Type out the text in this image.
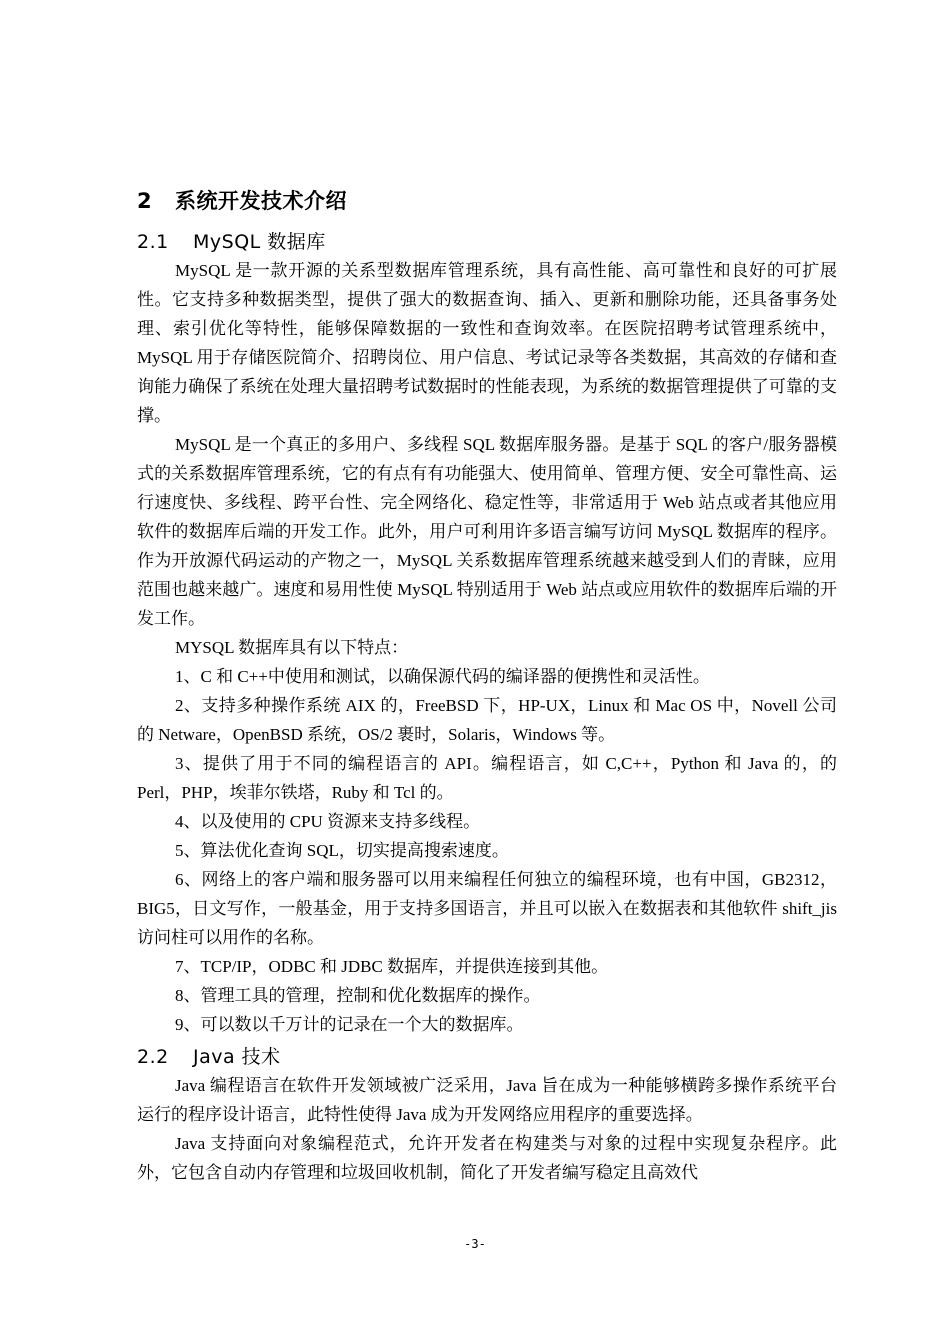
2 系统开发技术介绍
2.1 MySQL 数据库

MySQL 是一款开源的关系型数据库管理系统，具有高性能、高可靠性和良好的可扩展性。它支持多种数据类型，提供了强大的数据查询、插入、更新和删除功能，还具备事务处理、索引优化等特性，能够保障数据的一致性和查询效率。在医院招聘考试管理系统中，MySQL 用于存储医院简介、招聘岗位、用户信息、考试记录等各类数据，其高效的存储和查询能力确保了系统在处理大量招聘考试数据时的性能表现，为系统的数据管理提供了可靠的支撑。

MySQL 是一个真正的多用户、多线程 SQL 数据库服务器。是基于 SQL 的客户/服务器模式的关系数据库管理系统，它的有点有有功能强大、使用简单、管理方便、安全可靠性高、运行速度快、多线程、跨平台性、完全网络化、稳定性等，非常适用于 Web 站点或者其他应用软件的数据库后端的开发工作。此外，用户可利用许多语言编写访问 MySQL 数据库的程序。作为开放源代码运动的产物之一，MySQL 关系数据库管理系统越来越受到人们的青睐，应用范围也越来越广。速度和易用性使 MySQL 特别适用于 Web 站点或应用软件的数据库后端的开发工作。

MYSQL 数据库具有以下特点：

1、C 和 C++中使用和测试，以确保源代码的编译器的便携性和灵活性。

2、支持多种操作系统 AIX 的，FreeBSD 下，HP-UX，Linux 和 Mac OS 中，Novell 公司的 Netware，OpenBSD 系统，OS/2 裹时，Solaris，Windows 等。

3、提供了用于不同的编程语言的 API。编程语言，如 C,C++，Python 和 Java 的，的 Perl，PHP，埃菲尔铁塔，Ruby 和 Tcl 的。

4、以及使用的 CPU 资源来支持多线程。

5、算法优化查询 SQL，切实提高搜索速度。

6、网络上的客户端和服务器可以用来编程任何独立的编程环境，也有中国，GB2312，BIG5，日文写作，一般基金，用于支持多国语言，并且可以嵌入在数据表和其他软件 shift_jis 访问柱可以用作的名称。

7、TCP/IP，ODBC 和 JDBC 数据库，并提供连接到其他。

8、管理工具的管理，控制和优化数据库的操作。

9、可以数以千万计的记录在一个大的数据库。

2.2 Java 技术

Java 编程语言在软件开发领域被广泛采用，Java 旨在成为一种能够横跨多操作系统平台运行的程序设计语言，此特性使得 Java 成为开发网络应用程序的重要选择。

Java 支持面向对象编程范式，允许开发者在构建类与对象的过程中实现复杂程序。此外，它包含自动内存管理和垃圾回收机制，简化了开发者编写稳定且高效代

-3-
